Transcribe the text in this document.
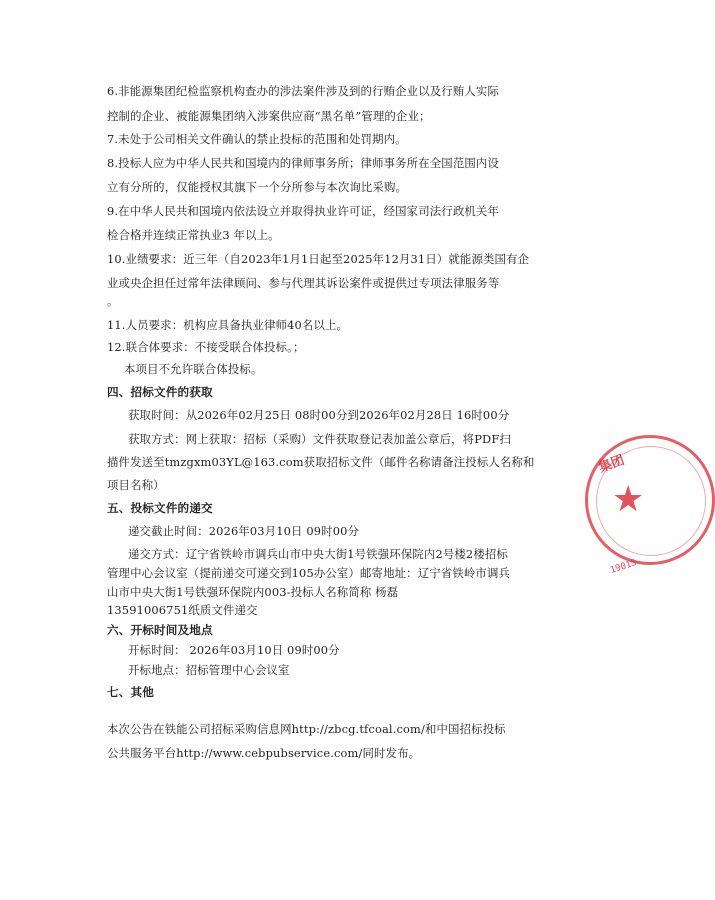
6.非能源集团纪检监察机构查办的涉法案件涉及到的行贿企业以及行贿人实际
控制的企业、被能源集团纳入涉案供应商“黑名单”管理的企业；
7.未处于公司相关文件确认的禁止投标的范围和处罚期内。
8.投标人应为中华人民共和国境内的律师事务所；律师事务所在全国范围内设
立有分所的，仅能授权其旗下一个分所参与本次询比采购。
9.在中华人民共和国境内依法设立并取得执业许可证，经国家司法行政机关年
检合格并连续正常执业3 年以上。
10.业绩要求：近三年（自2023年1月1日起至2025年12月31日）就能源类国有企
业或央企担任过常年法律顾问、参与代理其诉讼案件或提供过专项法律服务等
。
11.人员要求：机构应具备执业律师40名以上。
12.联合体要求：不接受联合体投标。；
本项目不允许联合体投标。
四、招标文件的获取
获取时间：从2026年02月25日 08时00分到2026年02月28日 16时00分
获取方式：网上获取：招标（采购）文件获取登记表加盖公章后，将PDF扫
描件发送至tmzgxm03YL@163.com获取招标文件（邮件名称请备注投标人名称和
项目名称）
五、投标文件的递交
递交截止时间：2026年03月10日 09时00分
递交方式：辽宁省铁岭市调兵山市中央大街1号铁强环保院内2号楼2楼招标
管理中心会议室（提前递交可递交到105办公室）邮寄地址：辽宁省铁岭市调兵
山市中央大街1号铁强环保院内003-投标人名称简称 杨磊
13591006751纸质文件递交
六、开标时间及地点
开标时间： 2026年03月10日 09时00分
开标地点：招标管理中心会议室
七、其他
本次公告在铁能公司招标采购信息网http://zbcg.tfcoal.com/和中国招标投标
公共服务平台http://www.cebpubservice.com/同时发布。
集团
★
19015
